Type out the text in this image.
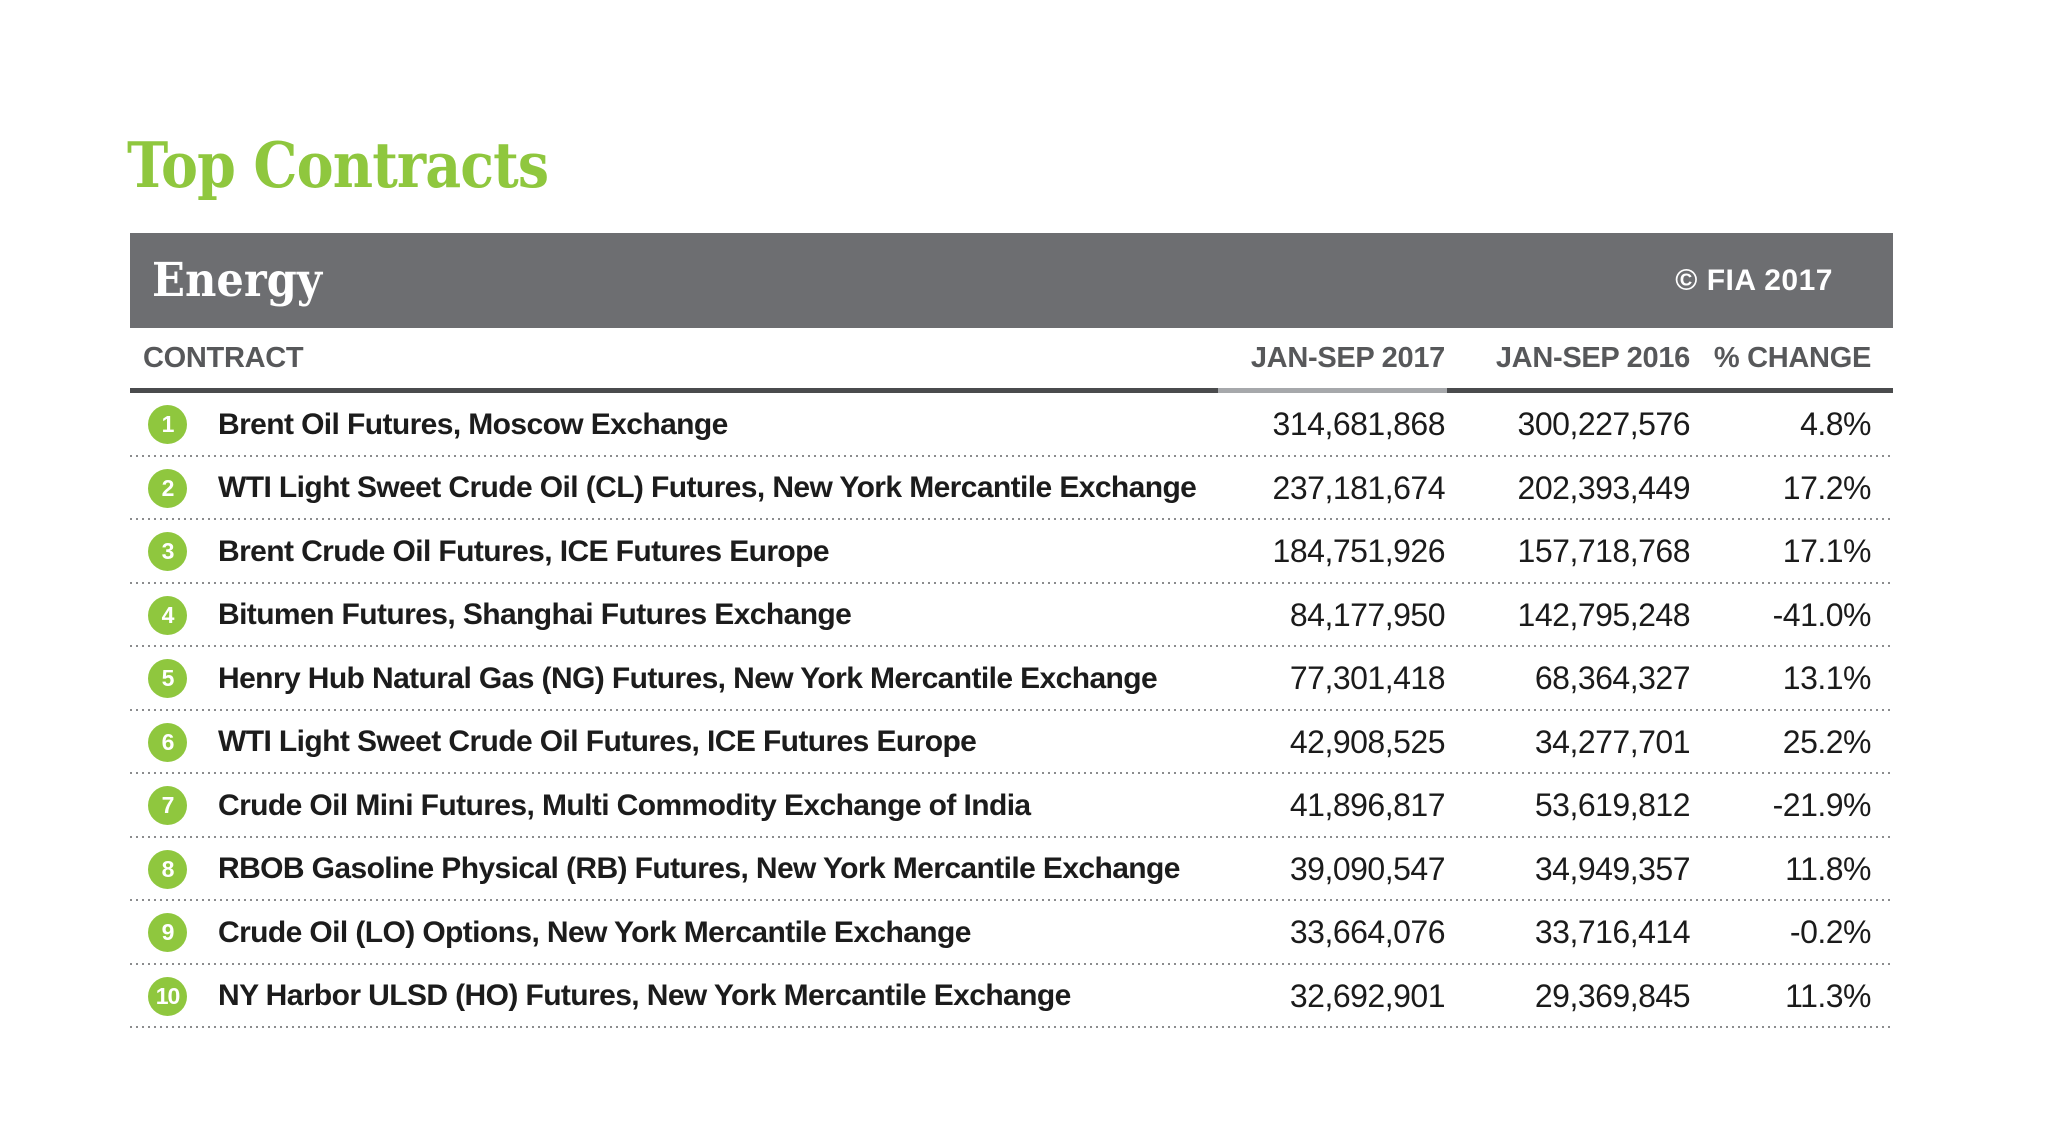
Top Contracts
Energy	© FIA 2017
CONTRACT	JAN-SEP 2017	JAN-SEP 2016 % CHANGE
1	Brent Oil Futures, Moscow Exchange	314,681,868	300,227,576	4.8%
2	WTI Light Sweet Crude Oil (CL) Futures, New York Mercantile Exchange	237,181,674	202,393,449	17.2%
3	Brent Crude Oil Futures, ICE Futures Europe	184,751,926	157,718,768	17.1%
4	Bitumen Futures, Shanghai Futures Exchange	84,177,950	142,795,248	-41.0%
5	Henry Hub Natural Gas (NG) Futures, New York Mercantile Exchange	77,301,418	68,364,327	13.1%
6	WTI Light Sweet Crude Oil Futures, ICE Futures Europe	42,908,525	34,277,701	25.2%
7	Crude Oil Mini Futures, Multi Commodity Exchange of India	41,896,817	53,619,812	-21.9%
8	RBOB Gasoline Physical (RB) Futures, New York Mercantile Exchange	39,090,547	34,949,357	11.8%
9	Crude Oil (LO) Options, New York Mercantile Exchange	33,664,076	33,716,414	-0.2%
10 NY Harbor ULSD (HO) Futures, New York Mercantile Exchange	32,692,901	29,369,845	11.3%
